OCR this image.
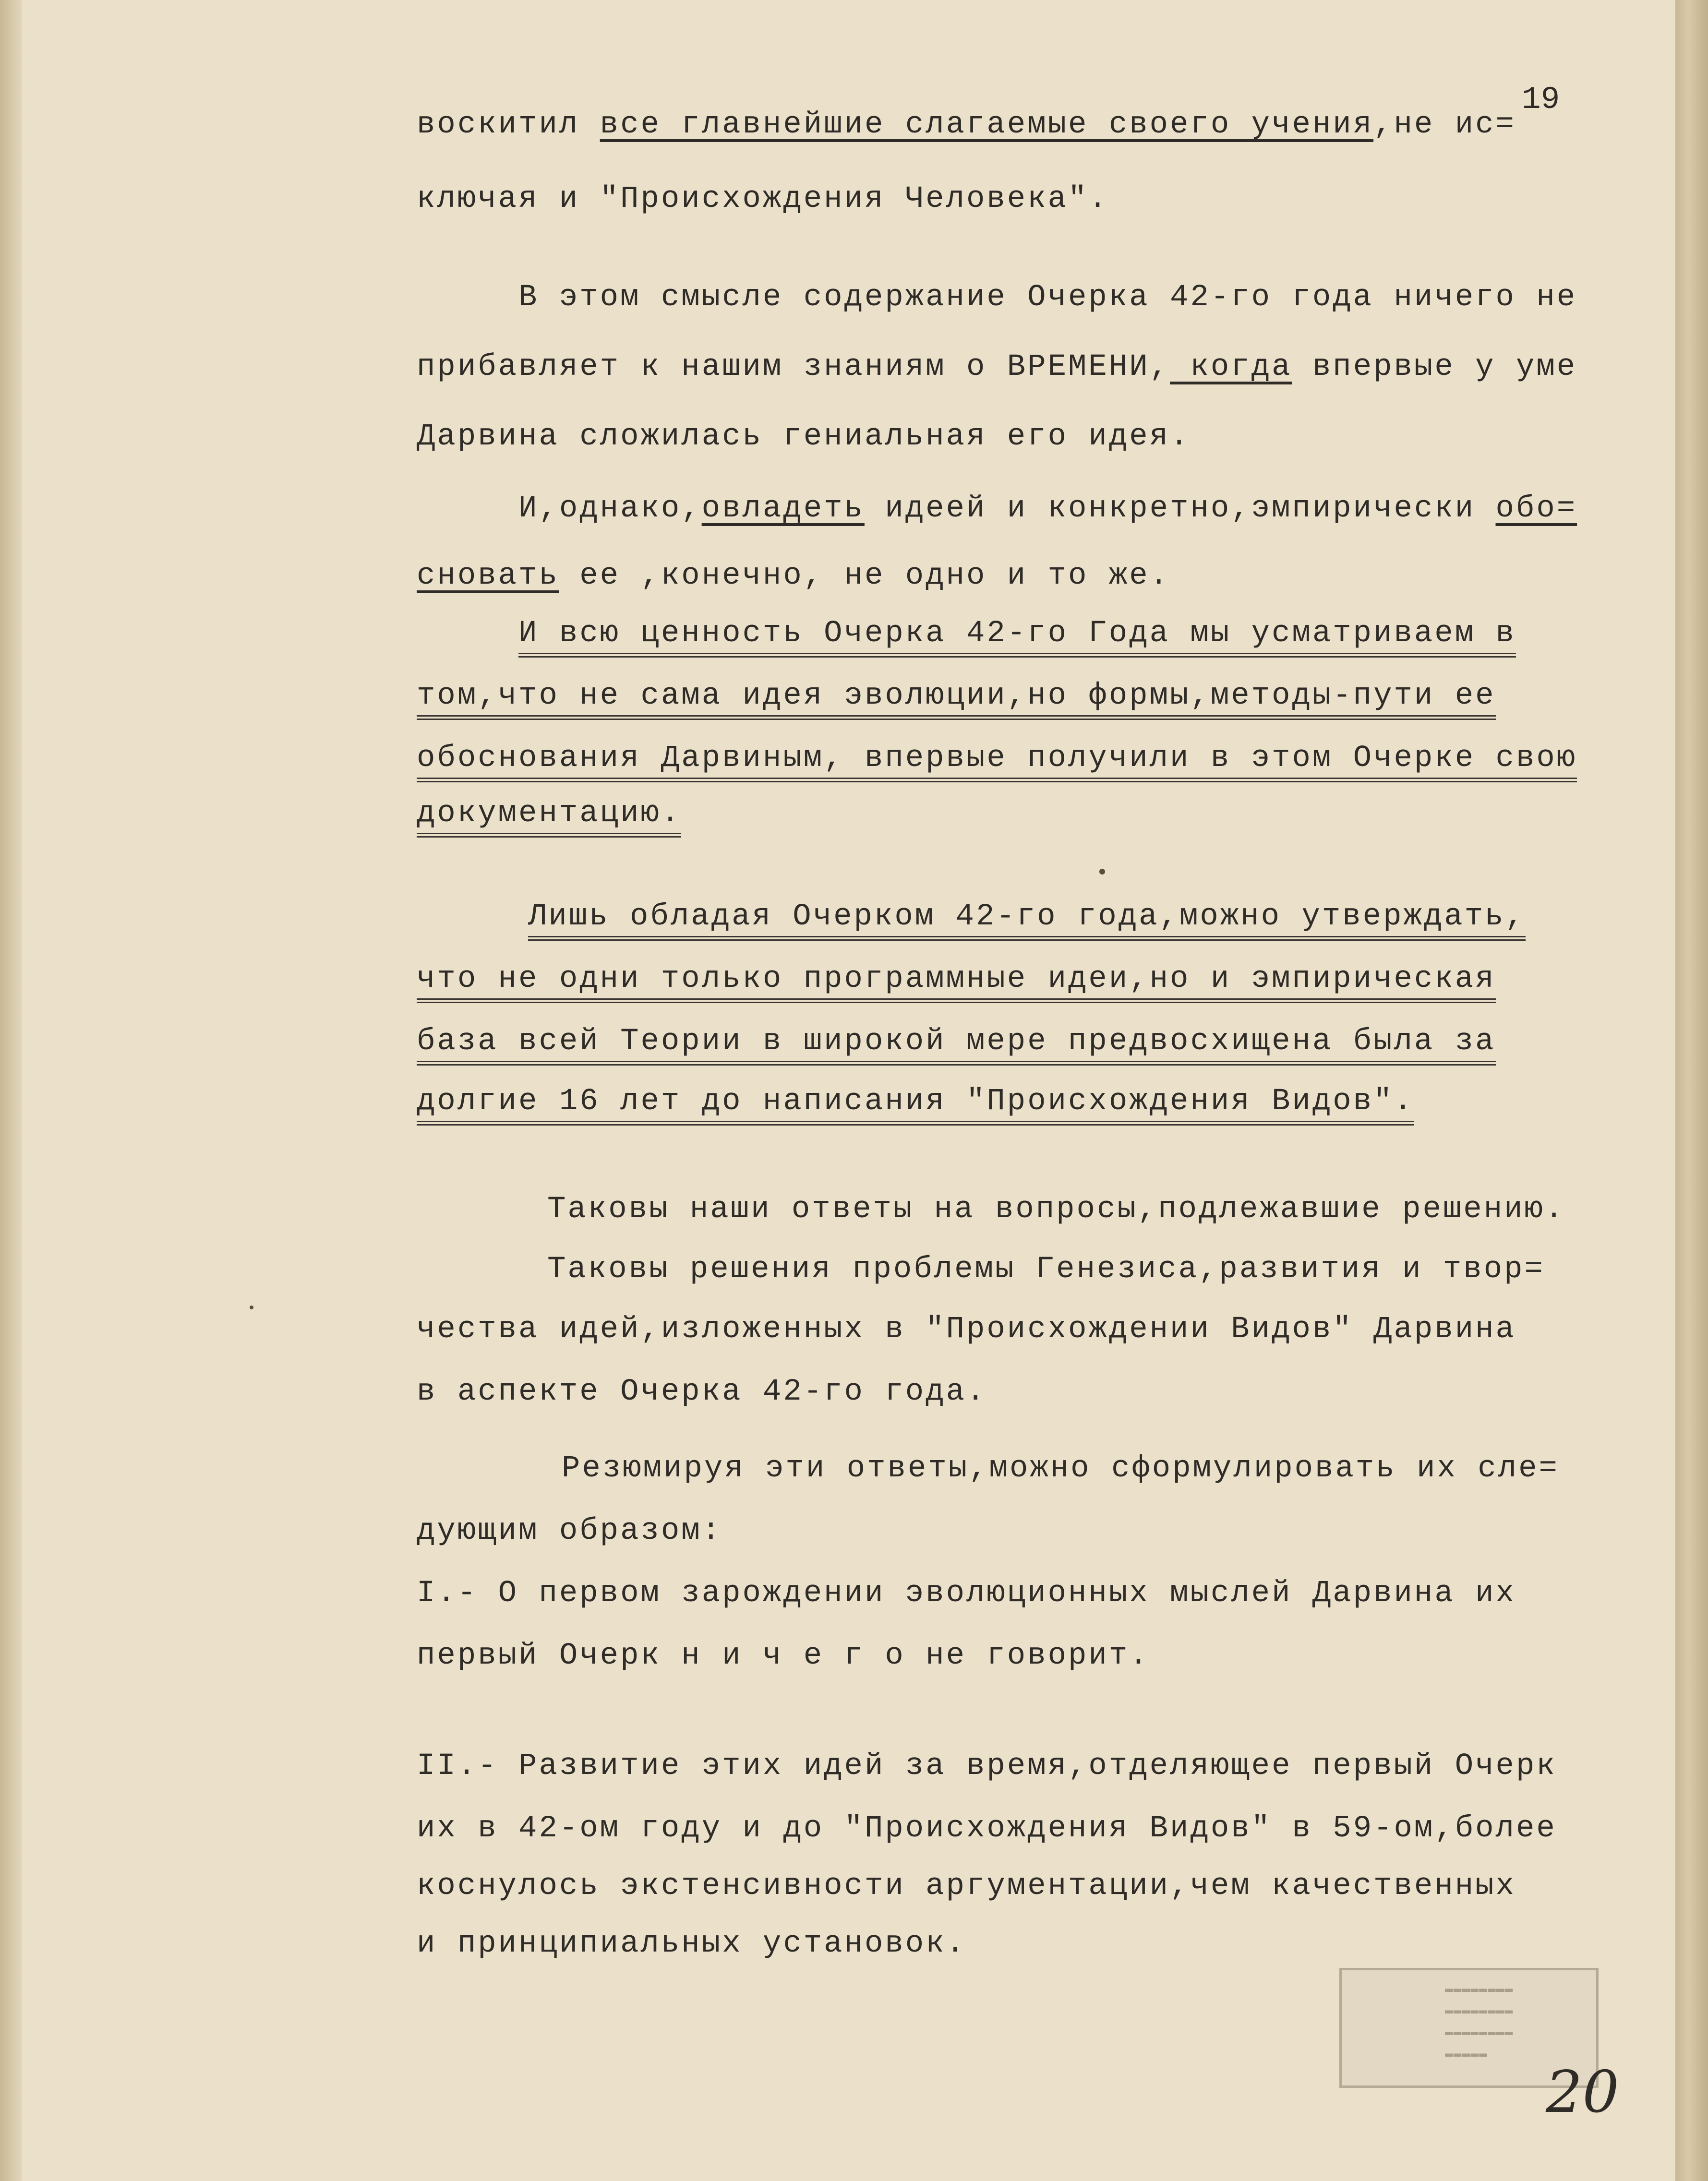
19
воскитил все главнейшие слагаемые своего учения,не ис=
ключая и "Происхождения Человека".
В этом смысле содержание Очерка 42-го года ничего не
прибавляет к нашим знаниям о ВРЕМЕНИ, когда впервые у уме
Дарвина сложилась гениальная его идея.
И,однако,овладеть идеей и конкретно,эмпирически обо=
сновать ее ,конечно, не одно и то же.
И всю ценность Очерка 42-го Года мы усматриваем в
том,что не сама идея эволюции,но формы,методы-пути ее
обоснования Дарвиным, впервые получили в этом Очерке свою
документацию.
Лишь обладая Очерком 42-го года,можно утверждать,
что не одни только программные идеи,но и эмпирическая
база всей Теории в широкой мере предвосхищена была за
долгие 16 лет до написания "Происхождения Видов".
Таковы наши ответы на вопросы,подлежавшие решению.
Таковы решения проблемы Генезиса,развития и твор=
чества идей,изложенных в "Происхождении Видов" Дарвина
в аспекте Очерка 42-го года.
Резюмируя эти ответы,можно сформулировать их сле=
дующим образом:
I.- О первом зарождении эволюционных мыслей Дарвина их
первый Очерк н и ч е г о не говорит.
II.- Развитие этих идей за время,отделяющее первый Очерк
их в 42-ом году и до "Происхождения Видов" в 59-ом,более
коснулось экстенсивности аргументации,чем качественных
и принципиальных установок.
▬▬▬▬▬▬▬▬
▬▬▬▬▬▬▬▬
▬▬▬▬▬▬▬▬
▬▬▬▬▬
20
